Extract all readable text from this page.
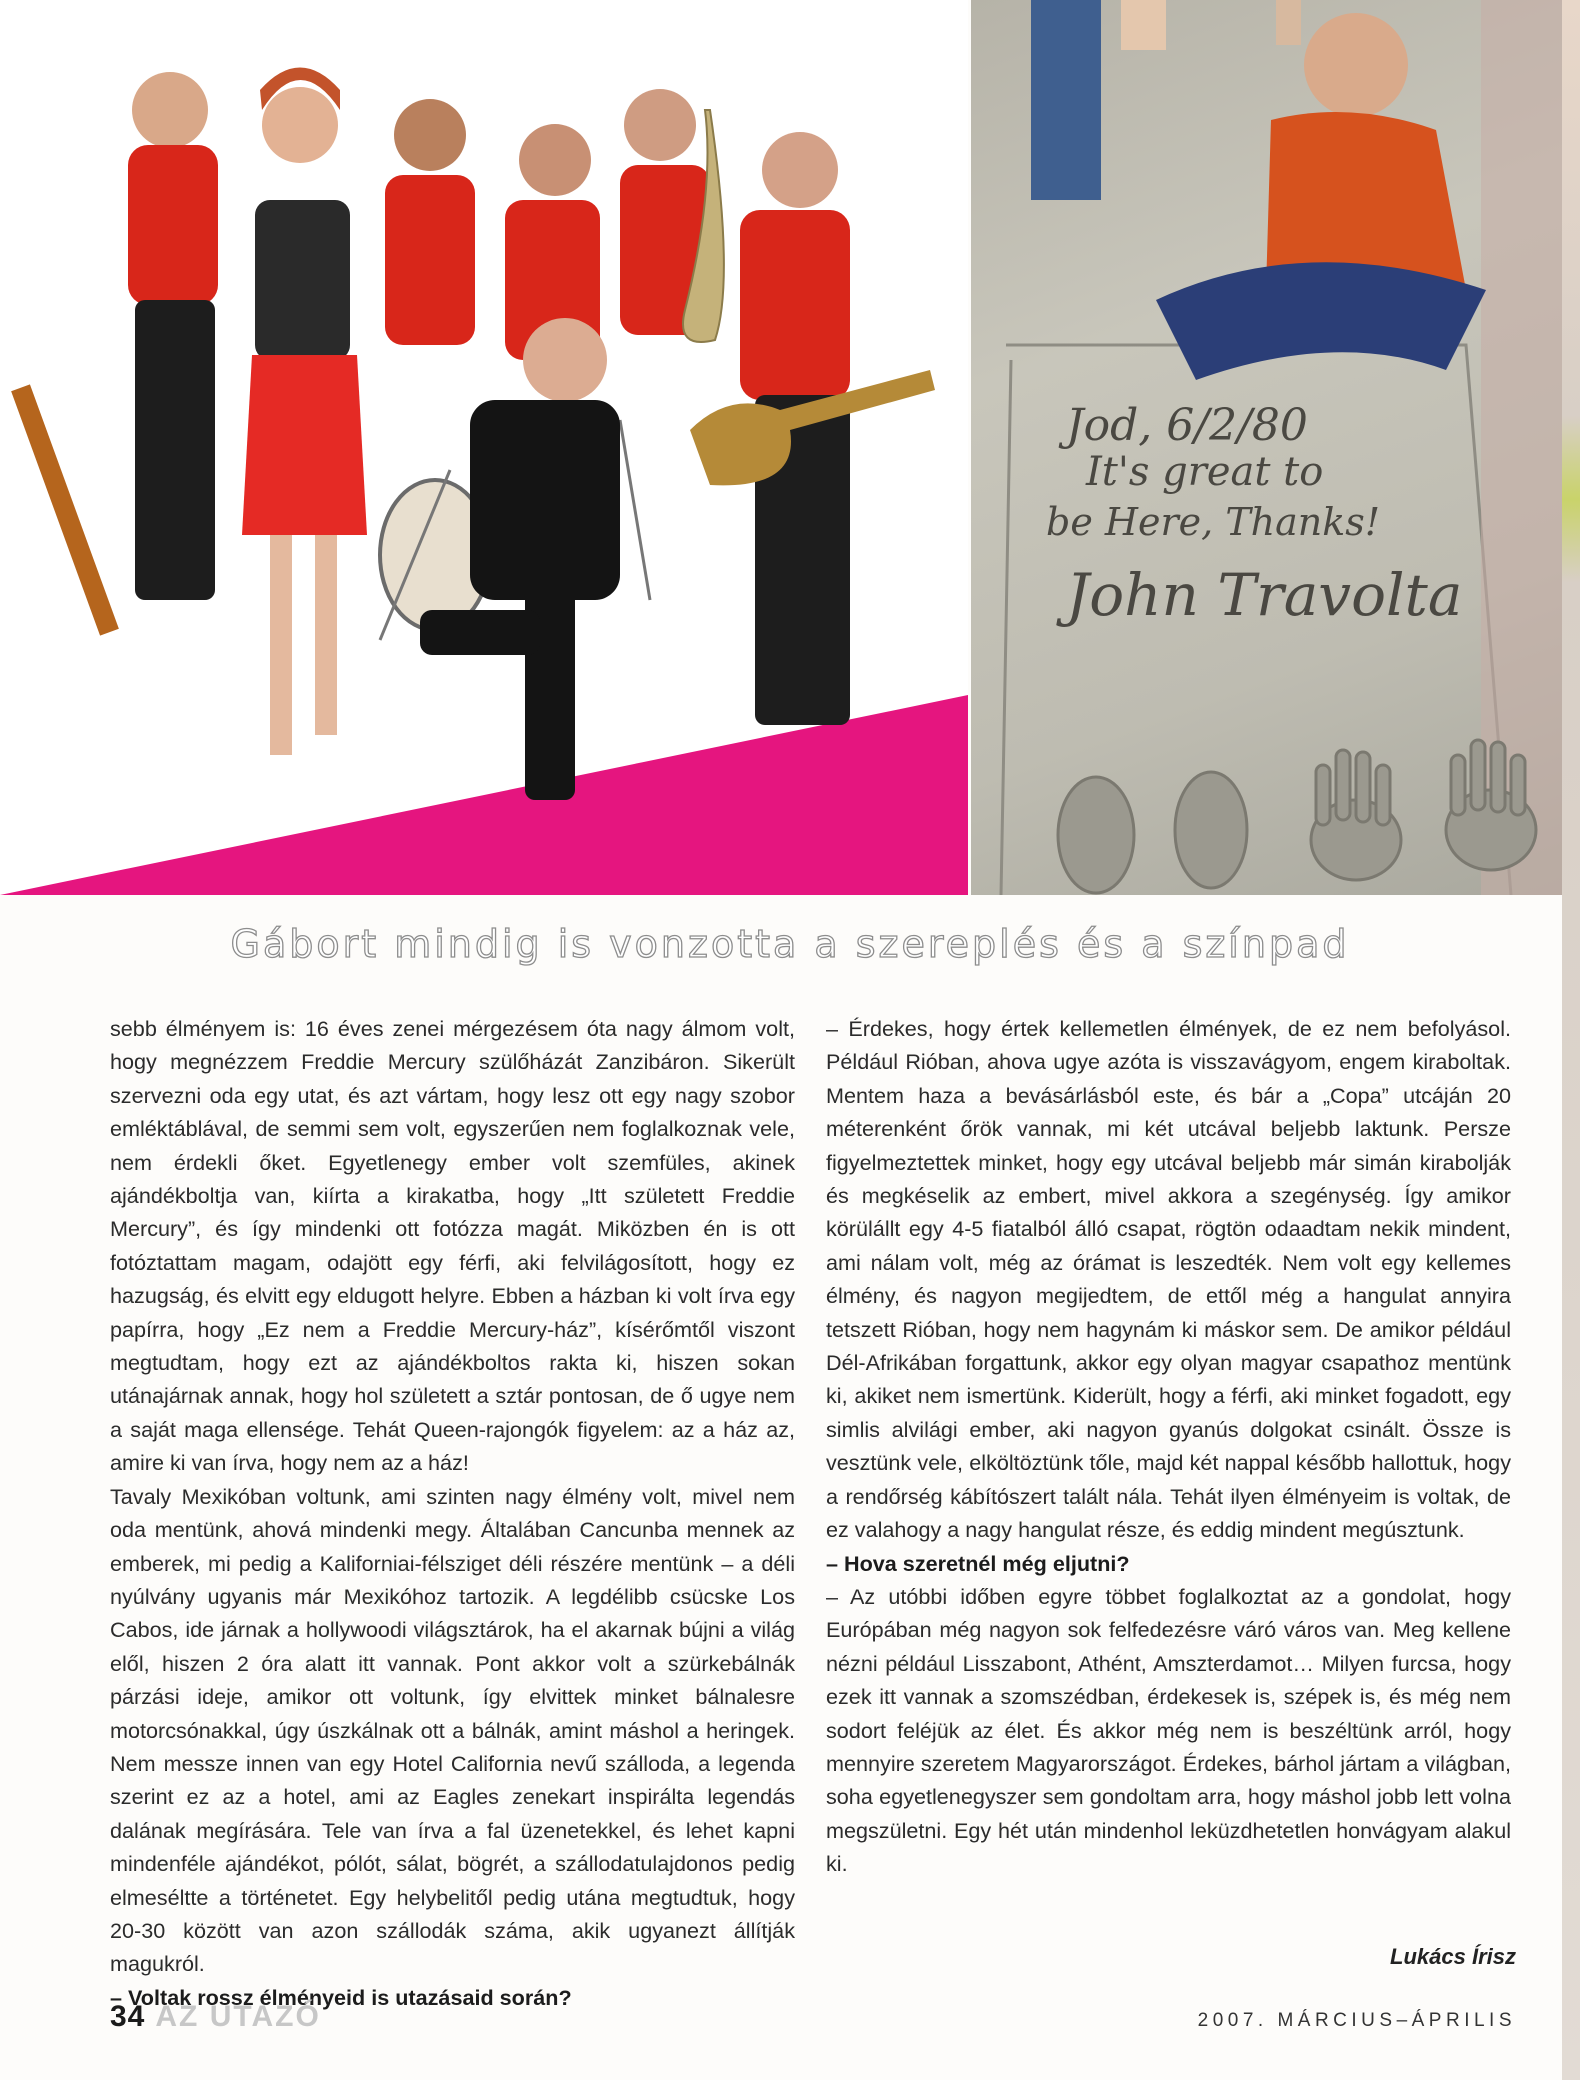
Jod, 6/2/80
It's great to
be Here, Thanks!
John Travolta
Gábort mindig is vonzotta a szereplés és a színpad

sebb élményem is: 16 éves zenei mérgezésem óta nagy álmom volt, hogy megnézzem Freddie Mercury szülőházát Zanzibáron. Sikerült szervezni oda egy utat, és azt vártam, hogy lesz ott egy nagy szobor emléktáblával, de semmi sem volt, egyszerűen nem foglalkoznak vele, nem érdekli őket. Egyetlenegy ember volt szemfüles, akinek ajándékboltja van, kiírta a kirakatba, hogy „Itt született Freddie Mercury”, és így mindenki ott fotózza magát. Miközben én is ott fotóztattam magam, odajött egy férfi, aki felvilágosított, hogy ez hazugság, és elvitt egy eldugott helyre. Ebben a házban ki volt írva egy papírra, hogy „Ez nem a Freddie Mercury-ház”, kísérőmtől viszont megtudtam, hogy ezt az ajándékboltos rakta ki, hiszen sokan utánajárnak annak, hogy hol született a sztár pontosan, de ő ugye nem a saját maga ellensége. Tehát Queen-rajongók figyelem: az a ház az, amire ki van írva, hogy nem az a ház!

Tavaly Mexikóban voltunk, ami szinten nagy élmény volt, mivel nem oda mentünk, ahová mindenki megy. Általában Cancunba mennek az emberek, mi pedig a Kaliforniai-félsziget déli részére mentünk – a déli nyúlvány ugyanis már Mexikóhoz tartozik. A legdélibb csücske Los Cabos, ide járnak a hollywoodi világsztárok, ha el akarnak bújni a világ elől, hiszen 2 óra alatt itt vannak. Pont akkor volt a szürkebálnák párzási ideje, amikor ott voltunk, így elvittek minket bálnalesre motorcsónakkal, úgy úszkálnak ott a bálnák, amint máshol a heringek. Nem messze innen van egy Hotel California nevű szálloda, a legenda szerint ez az a hotel, ami az Eagles zenekart inspirálta legendás dalának megírására. Tele van írva a fal üzenetekkel, és lehet kapni mindenféle ajándékot, pólót, sálat, bögrét, a szállodatulajdonos pedig elmeséltte a történetet. Egy helybelitől pedig utána megtudtuk, hogy 20-30 között van azon szállodák száma, akik ugyanezt állítják magukról.

– Voltak rossz élményeid is utazásaid során?

– Érdekes, hogy értek kellemetlen élmények, de ez nem befolyásol. Például Rióban, ahova ugye azóta is visszavágyom, engem kiraboltak. Mentem haza a bevásárlásból este, és bár a „Copa” utcáján 20 méterenként őrök vannak, mi két utcával beljebb laktunk. Persze figyelmeztettek minket, hogy egy utcával beljebb már simán kirabolják és megkéselik az embert, mivel akkora a szegénység. Így amikor körülállt egy 4-5 fiatalból álló csapat, rögtön odaadtam nekik mindent, ami nálam volt, még az órámat is leszedték. Nem volt egy kellemes élmény, és nagyon megijedtem, de ettől még a hangulat annyira tetszett Rióban, hogy nem hagynám ki máskor sem. De amikor például Dél-Afrikában forgattunk, akkor egy olyan magyar csapathoz mentünk ki, akiket nem ismertünk. Kiderült, hogy a férfi, aki minket fogadott, egy simlis alvilági ember, aki nagyon gyanús dolgokat csinált. Össze is vesztünk vele, elköltöztünk tőle, majd két nappal később hallottuk, hogy a rendőrség kábítószert talált nála. Tehát ilyen élményeim is voltak, de ez valahogy a nagy hangulat része, és eddig mindent megúsztunk.

– Hova szeretnél még eljutni?

– Az utóbbi időben egyre többet foglalkoztat az a gondolat, hogy Európában még nagyon sok felfedezésre váró város van. Meg kellene nézni például Lisszabont, Athént, Amszterdamot… Milyen furcsa, hogy ezek itt vannak a szomszédban, érdekesek is, szépek is, és még nem sodort feléjük az élet. És akkor még nem is beszéltünk arról, hogy mennyire szeretem Magyarországot. Érdekes, bárhol jártam a világban, soha egyetlenegyszer sem gondoltam arra, hogy máshol jobb lett volna megszületni. Egy hét után mindenhol leküzdhetetlen honvágyam alakul ki.

Lukács Írisz
34 AZ UTAZÓ	2007. MÁRCIUS–ÁPRILIS
